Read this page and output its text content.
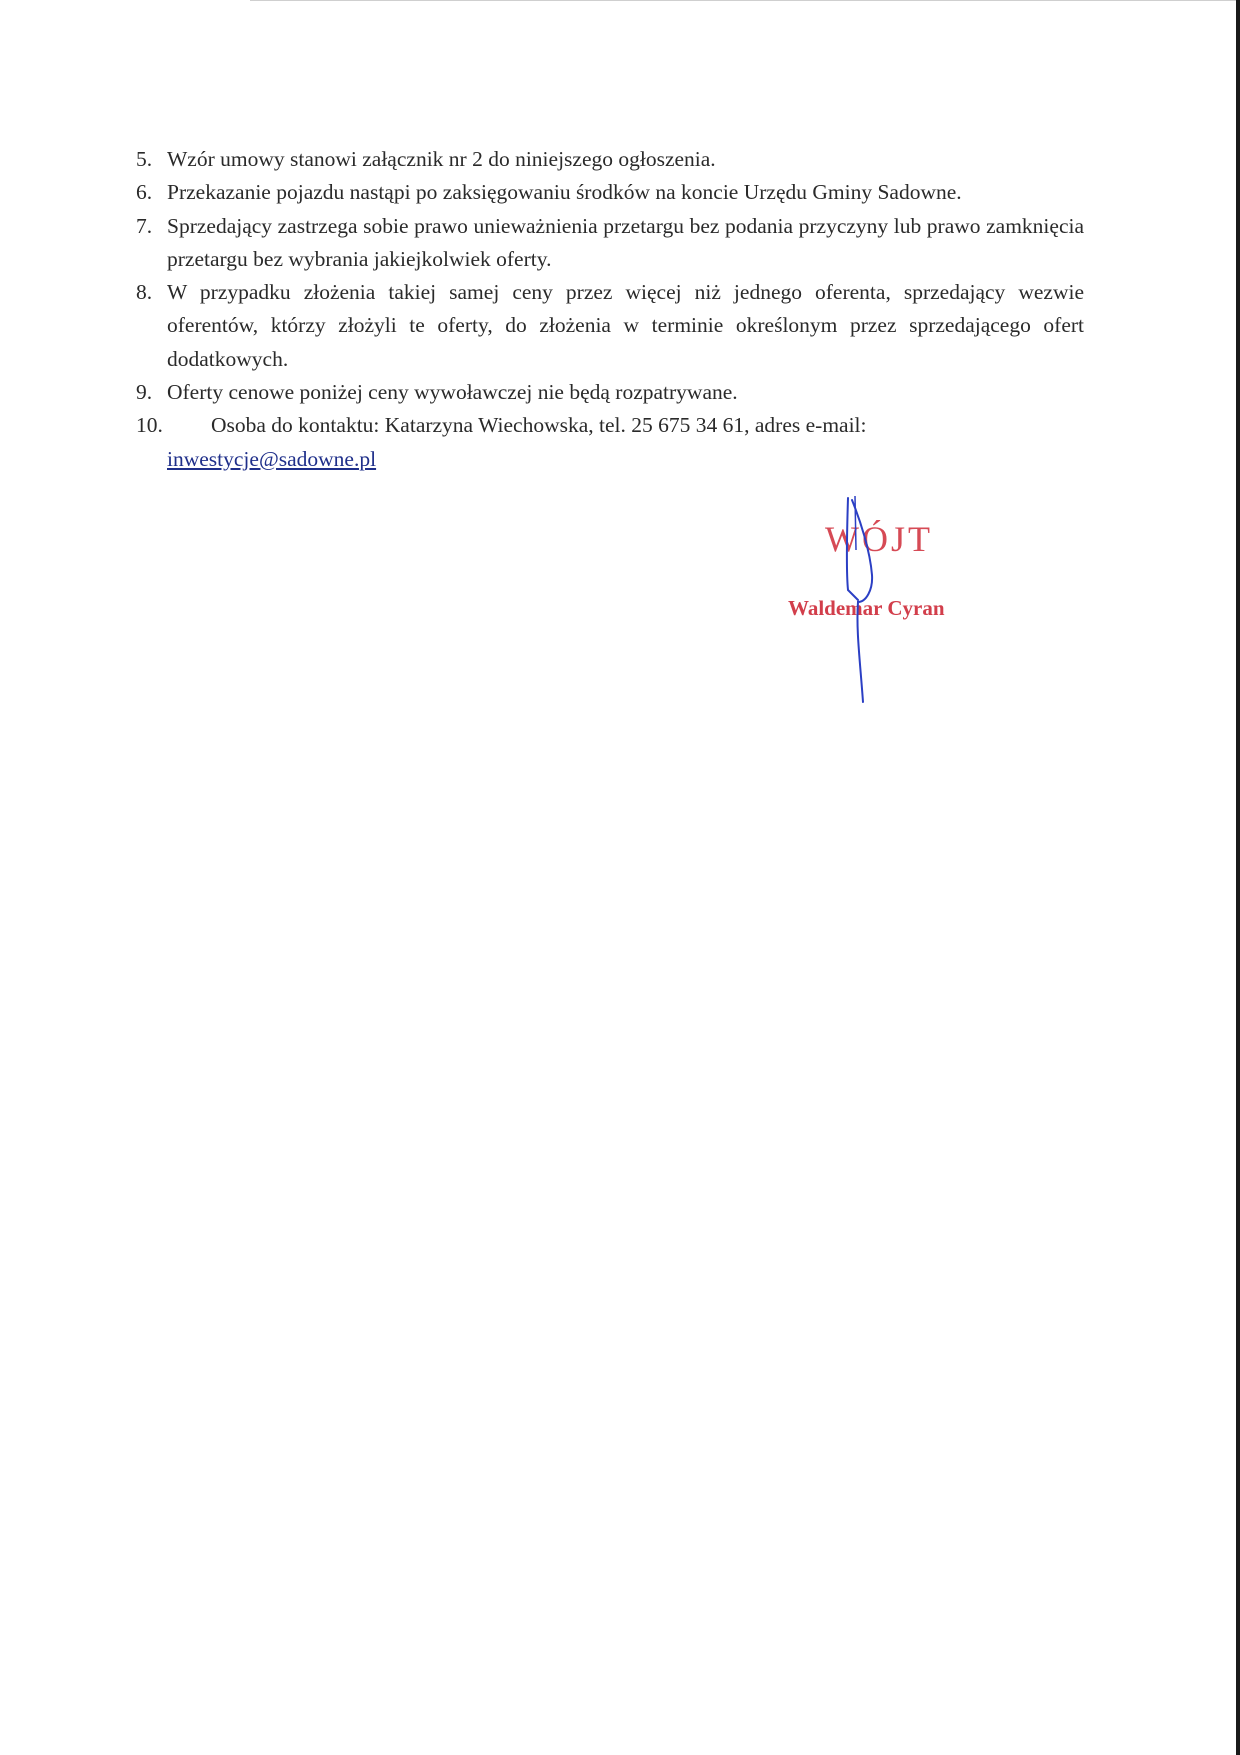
5. Wzór umowy stanowi załącznik nr 2 do niniejszego ogłoszenia.
6. Przekazanie pojazdu nastąpi po zaksięgowaniu środków na koncie Urzędu Gminy Sadowne.
7. Sprzedający zastrzega sobie prawo unieważnienia przetargu bez podania przyczyny lub prawo zamknięcia przetargu bez wybrania jakiejkolwiek oferty.
8. W przypadku złożenia takiej samej ceny przez więcej niż jednego oferenta, sprzedający wezwie oferentów, którzy złożyli te oferty, do złożenia w terminie określonym przez sprzedającego ofert dodatkowych.
9. Oferty cenowe poniżej ceny wywoławczej nie będą rozpatrywane.
10. Osoba do kontaktu: Katarzyna Wiechowska, tel. 25 675 34 61, adres e-mail:
inwestycje@sadowne.pl
WÓJT
Waldemar Cyran
